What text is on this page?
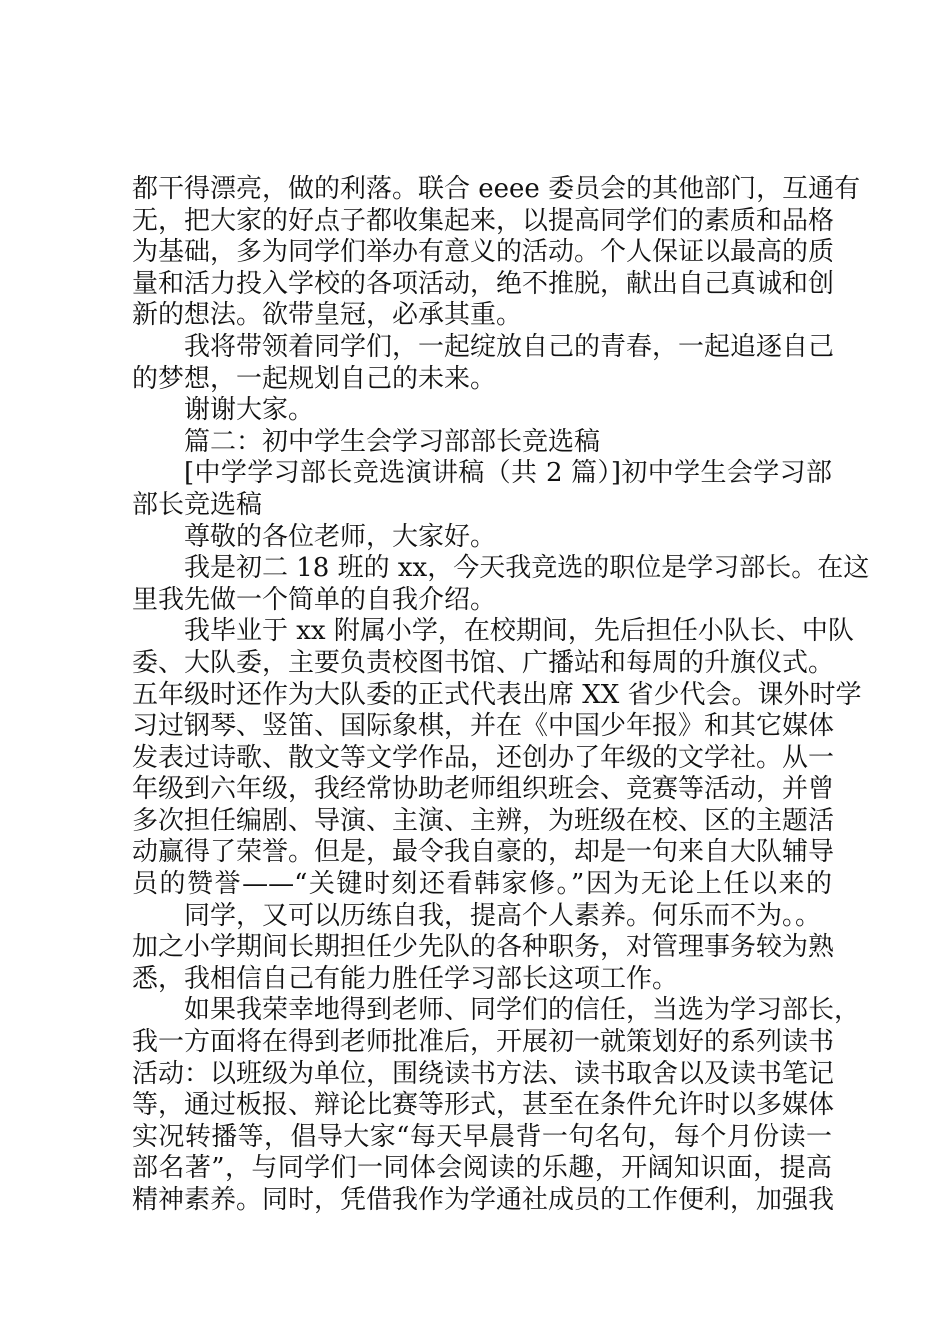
都干得漂亮，做的利落。联合 eeee 委员会的其他部门，互通有
无，把大家的好点子都收集起来，以提高同学们的素质和品格
为基础，多为同学们举办有意义的活动。个人保证以最高的质
量和活力投入学校的各项活动，绝不推脱，献出自己真诚和创
新的想法。欲带皇冠，必承其重。
我将带领着同学们，一起绽放自己的青春，一起追逐自己
的梦想，一起规划自己的未来。
谢谢大家。
篇二：初中学生会学习部部长竞选稿
[中学学习部长竞选演讲稿（共 2 篇）]初中学生会学习部
部长竞选稿
尊敬的各位老师，大家好。
我是初二 18 班的 xx，今天我竞选的职位是学习部长。在这
里我先做一个简单的自我介绍。
我毕业于 xx 附属小学，在校期间，先后担任小队长、中队
委、大队委，主要负责校图书馆、广播站和每周的升旗仪式。
五年级时还作为大队委的正式代表出席 XX 省少代会。课外时学
习过钢琴、竖笛、国际象棋，并在《中国少年报》和其它媒体
发表过诗歌、散文等文学作品，还创办了年级的文学社。从一
年级到六年级，我经常协助老师组织班会、竞赛等活动，并曾
多次担任编剧、导演、主演、主辨，为班级在校、区的主题活
动赢得了荣誉。但是，最令我自豪的，却是一句来自大队辅导
员的赞誉——“关键时刻还看韩家修。”因为无论上任以来的
同学，又可以历练自我，提高个人素养。何乐而不为。。
加之小学期间长期担任少先队的各种职务，对管理事务较为熟
悉，我相信自己有能力胜任学习部长这项工作。
如果我荣幸地得到老师、同学们的信任，当选为学习部长，
我一方面将在得到老师批准后，开展初一就策划好的系列读书
活动：以班级为单位，围绕读书方法、读书取舍以及读书笔记
等，通过板报、辩论比赛等形式，甚至在条件允许时以多媒体
实况转播等，倡导大家“每天早晨背一句名句，每个月份读一
部名著”，与同学们一同体会阅读的乐趣，开阔知识面，提高
精神素养。同时，凭借我作为学通社成员的工作便利，加强我
